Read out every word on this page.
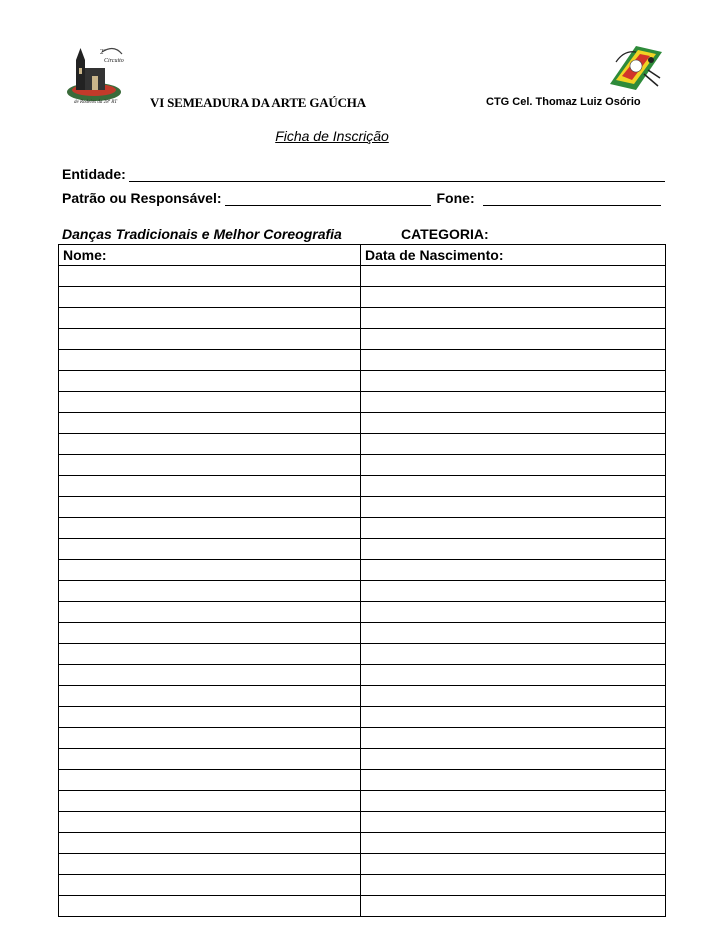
2º
Circuito
de Rodeios da 28ª RT	VI SEMEADURA DA ARTE GAÚCHA	CTG Cel. Thomaz Luiz Osório
Ficha de Inscrição
Entidade:
Patrão ou Responsável:	Fone:
Danças Tradicionais e Melhor Coreografia	CATEGORIA:
Nome:	Data de Nascimento:
